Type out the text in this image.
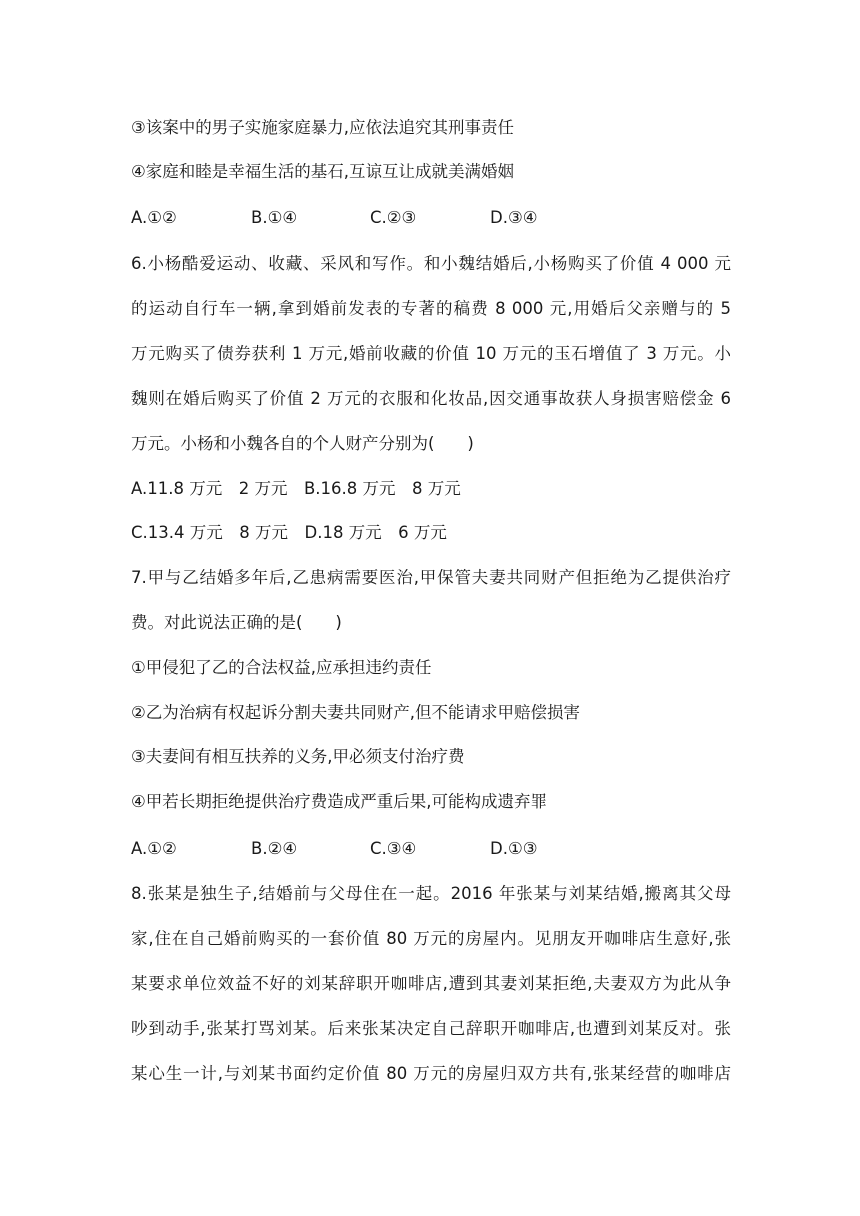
③该案中的男子实施家庭暴力,应依法追究其刑事责任
④家庭和睦是幸福生活的基石,互谅互让成就美满婚姻
A.①②	B.①④	C.②③	D.③④
6.小杨酷爱运动、收藏、采风和写作。和小魏结婚后,小杨购买了价值 4 000 元
的运动自行车一辆,拿到婚前发表的专著的稿费 8 000 元,用婚后父亲赠与的 5
万元购买了债券获利 1 万元,婚前收藏的价值 10 万元的玉石增值了 3 万元。小
魏则在婚后购买了价值 2 万元的衣服和化妆品,因交通事故获人身损害赔偿金 6
万元。小杨和小魏各自的个人财产分别为(　　)
A.11.8 万元　2 万元　B.16.8 万元　8 万元
C.13.4 万元　8 万元　D.18 万元　6 万元
7.甲与乙结婚多年后,乙患病需要医治,甲保管夫妻共同财产但拒绝为乙提供治疗
费。对此说法正确的是(　　)
①甲侵犯了乙的合法权益,应承担违约责任
②乙为治病有权起诉分割夫妻共同财产,但不能请求甲赔偿损害
③夫妻间有相互扶养的义务,甲必须支付治疗费
④甲若长期拒绝提供治疗费造成严重后果,可能构成遗弃罪
A.①②	B.②④	C.③④	D.①③
8.张某是独生子,结婚前与父母住在一起。2016 年张某与刘某结婚,搬离其父母
家,住在自己婚前购买的一套价值 80 万元的房屋内。见朋友开咖啡店生意好,张
某要求单位效益不好的刘某辞职开咖啡店,遭到其妻刘某拒绝,夫妻双方为此从争
吵到动手,张某打骂刘某。后来张某决定自己辞职开咖啡店,也遭到刘某反对。张
某心生一计,与刘某书面约定价值 80 万元的房屋归双方共有,张某经营的咖啡店
